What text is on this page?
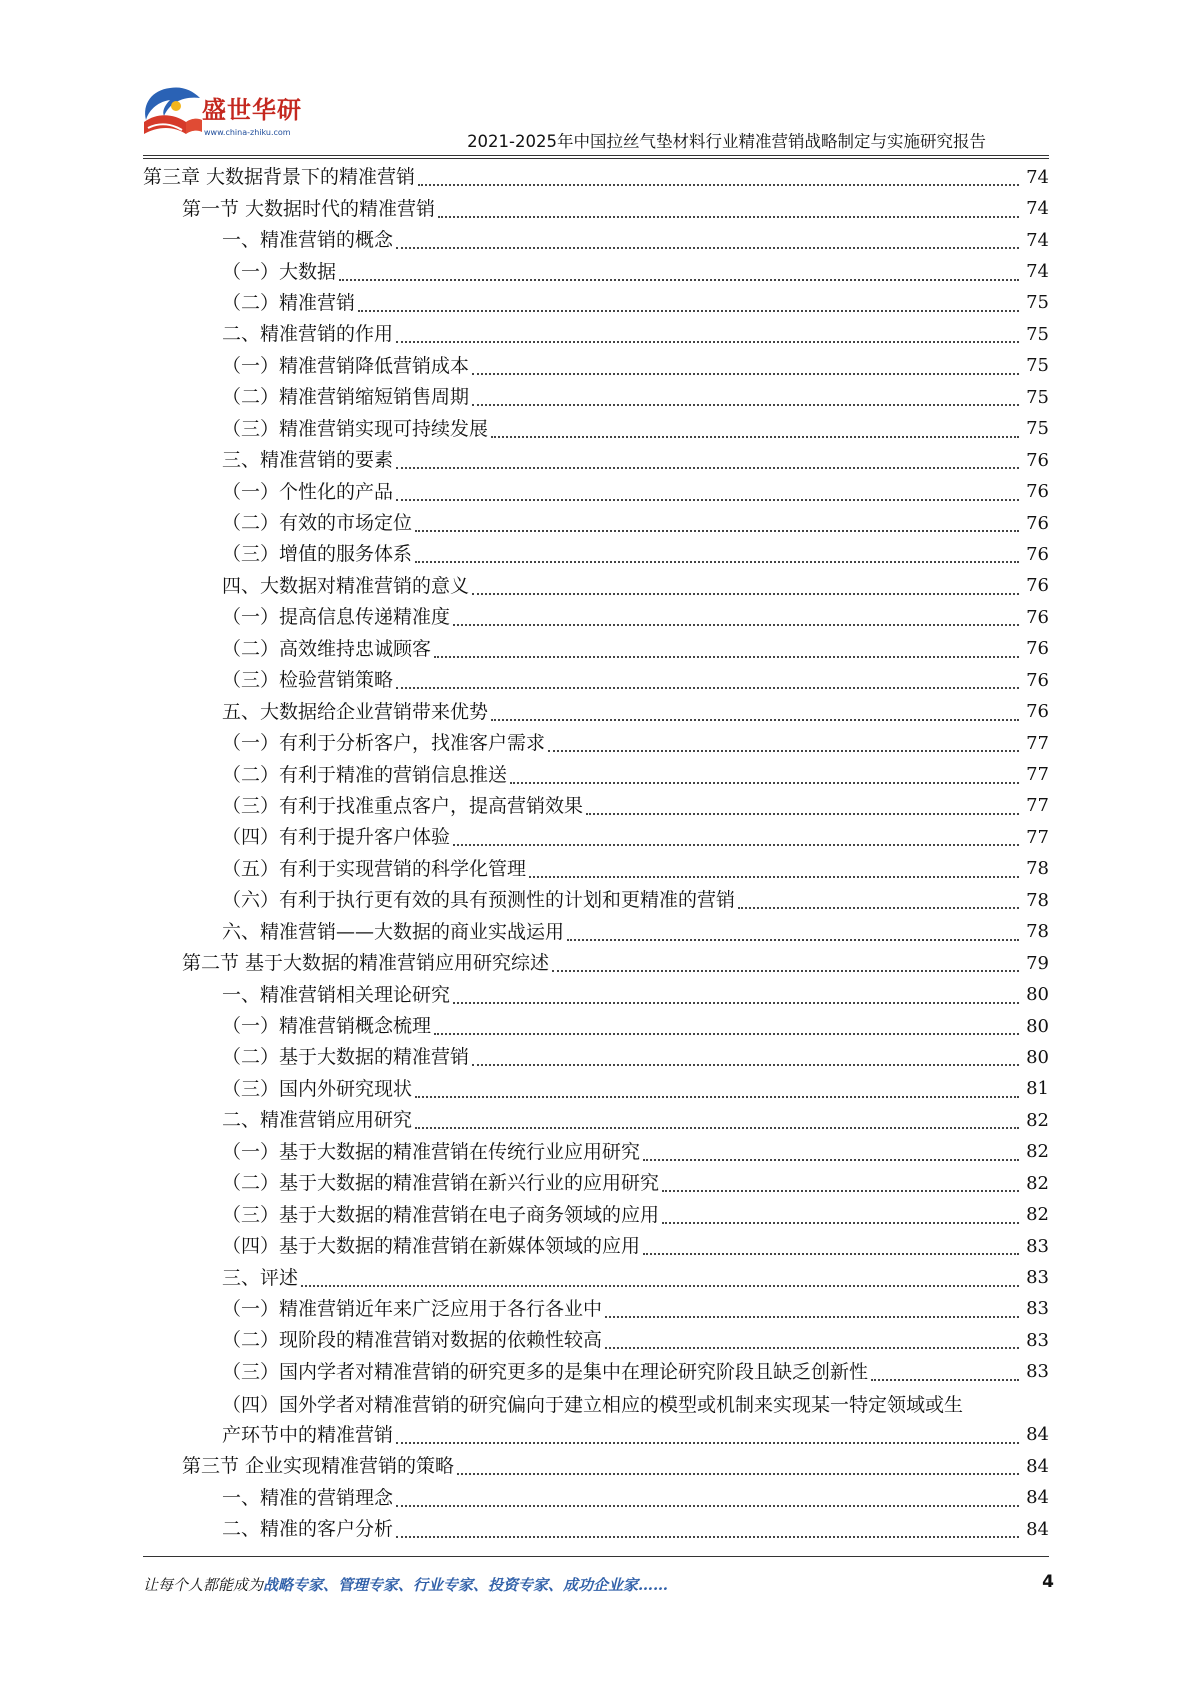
盛世华研
www.china-zhiku.com	2021-2025年中国拉丝气垫材料行业精准营销战略制定与实施研究报告
第三章 大数据背景下的精准营销	74
第一节 大数据时代的精准营销	74
一、精准营销的概念	74
（一）大数据	74
（二）精准营销	75
二、精准营销的作用	75
（一）精准营销降低营销成本	75
（二）精准营销缩短销售周期	75
（三）精准营销实现可持续发展	75
三、精准营销的要素	76
（一）个性化的产品	76
（二）有效的市场定位	76
（三）增值的服务体系	76
四、大数据对精准营销的意义	76
（一）提高信息传递精准度	76
（二）高效维持忠诚顾客	76
（三）检验营销策略	76
五、大数据给企业营销带来优势	76
（一）有利于分析客户，找准客户需求	77
（二）有利于精准的营销信息推送	77
（三）有利于找准重点客户，提高营销效果	77
（四）有利于提升客户体验	77
（五）有利于实现营销的科学化管理	78
（六）有利于执行更有效的具有预测性的计划和更精准的营销	78
六、精准营销——大数据的商业实战运用	78
第二节 基于大数据的精准营销应用研究综述	79
一、精准营销相关理论研究	80
（一）精准营销概念梳理	80
（二）基于大数据的精准营销	80
（三）国内外研究现状	81
二、精准营销应用研究	82
（一）基于大数据的精准营销在传统行业应用研究	82
（二）基于大数据的精准营销在新兴行业的应用研究	82
（三）基于大数据的精准营销在电子商务领域的应用	82
（四）基于大数据的精准营销在新媒体领域的应用	83
三、评述	83
（一）精准营销近年来广泛应用于各行各业中	83
（二）现阶段的精准营销对数据的依赖性较高	83
（三）国内学者对精准营销的研究更多的是集中在理论研究阶段且缺乏创新性	83
（四）国外学者对精准营销的研究偏向于建立相应的模型或机制来实现某一特定领域或生
产环节中的精准营销	84
第三节 企业实现精准营销的策略	84
一、精准的营销理念	84
二、精准的客户分析	84
让每个人都能成为战略专家、管理专家、行业专家、投资专家、成功企业家……	4
